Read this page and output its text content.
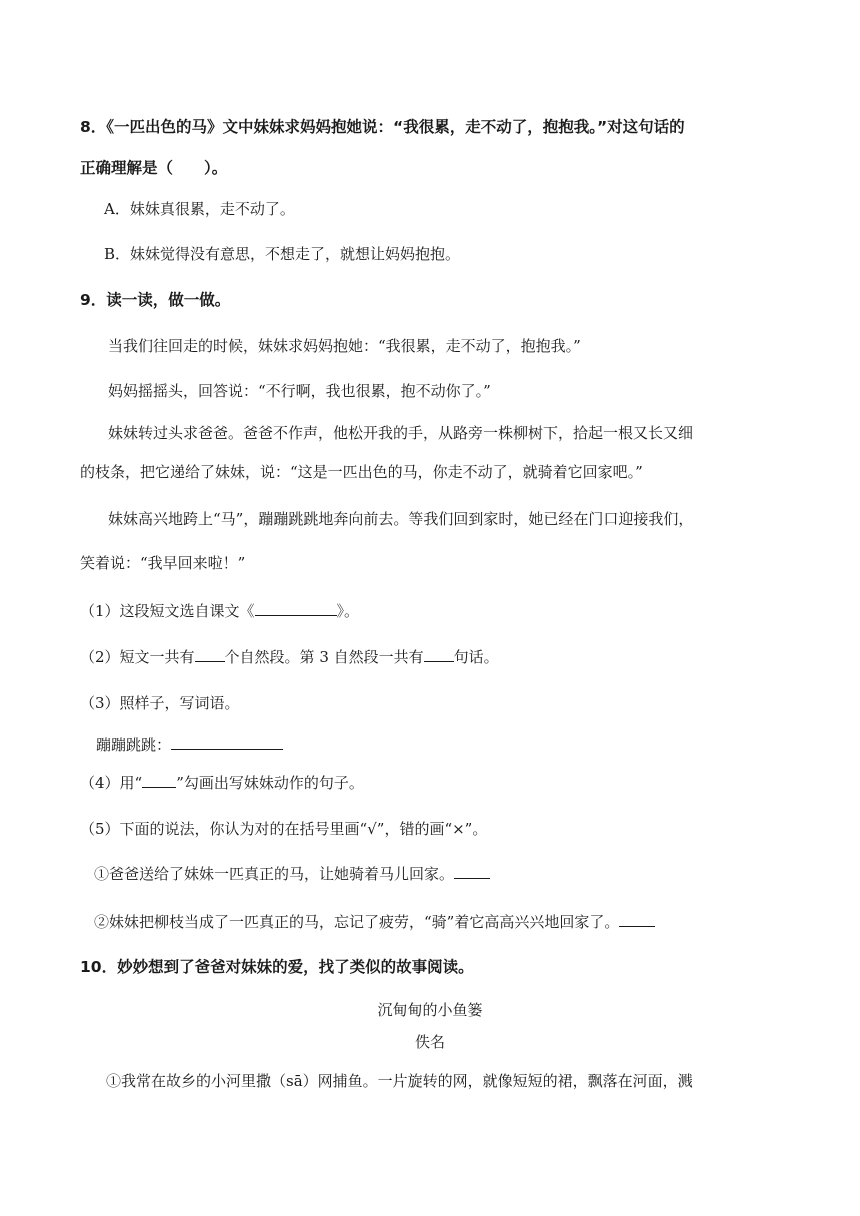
8．《一匹出色的马》文中妹妹求妈妈抱她说：“我很累，走不动了，抱抱我。”对这句话的
正确理解是（　　）。
A．妹妹真很累，走不动了。
B．妹妹觉得没有意思，不想走了，就想让妈妈抱抱。
9．读一读，做一做。
当我们往回走的时候，妹妹求妈妈抱她：“我很累，走不动了，抱抱我。”
妈妈摇摇头，回答说：“不行啊，我也很累，抱不动你了。”
妹妹转过头求爸爸。爸爸不作声，他松开我的手，从路旁一株柳树下，拾起一根又长又细
的枝条，把它递给了妹妹，说：“这是一匹出色的马，你走不动了，就骑着它回家吧。”
妹妹高兴地跨上“马”，蹦蹦跳跳地奔向前去。等我们回到家时，她已经在门口迎接我们，
笑着说：“我早回来啦！”
（1）这段短文选自课文《	》。
（2）短文一共有 个自然段。第 3 自然段一共有 句话。
（3）照样子，写词语。
蹦蹦跳跳：
（4）用“ ”勾画出写妹妹动作的句子。
（5）下面的说法，你认为对的在括号里画“√”，错的画“×”。
①爸爸送给了妹妹一匹真正的马，让她骑着马儿回家。
②妹妹把柳枝当成了一匹真正的马，忘记了疲劳，“骑”着它高高兴兴地回家了。
10．妙妙想到了爸爸对妹妹的爱，找了类似的故事阅读。
沉甸甸的小鱼篓
佚名
①我常在故乡的小河里撒（sā）网捕鱼。一片旋转的网，就像短短的裙，飘落在河面，溅
